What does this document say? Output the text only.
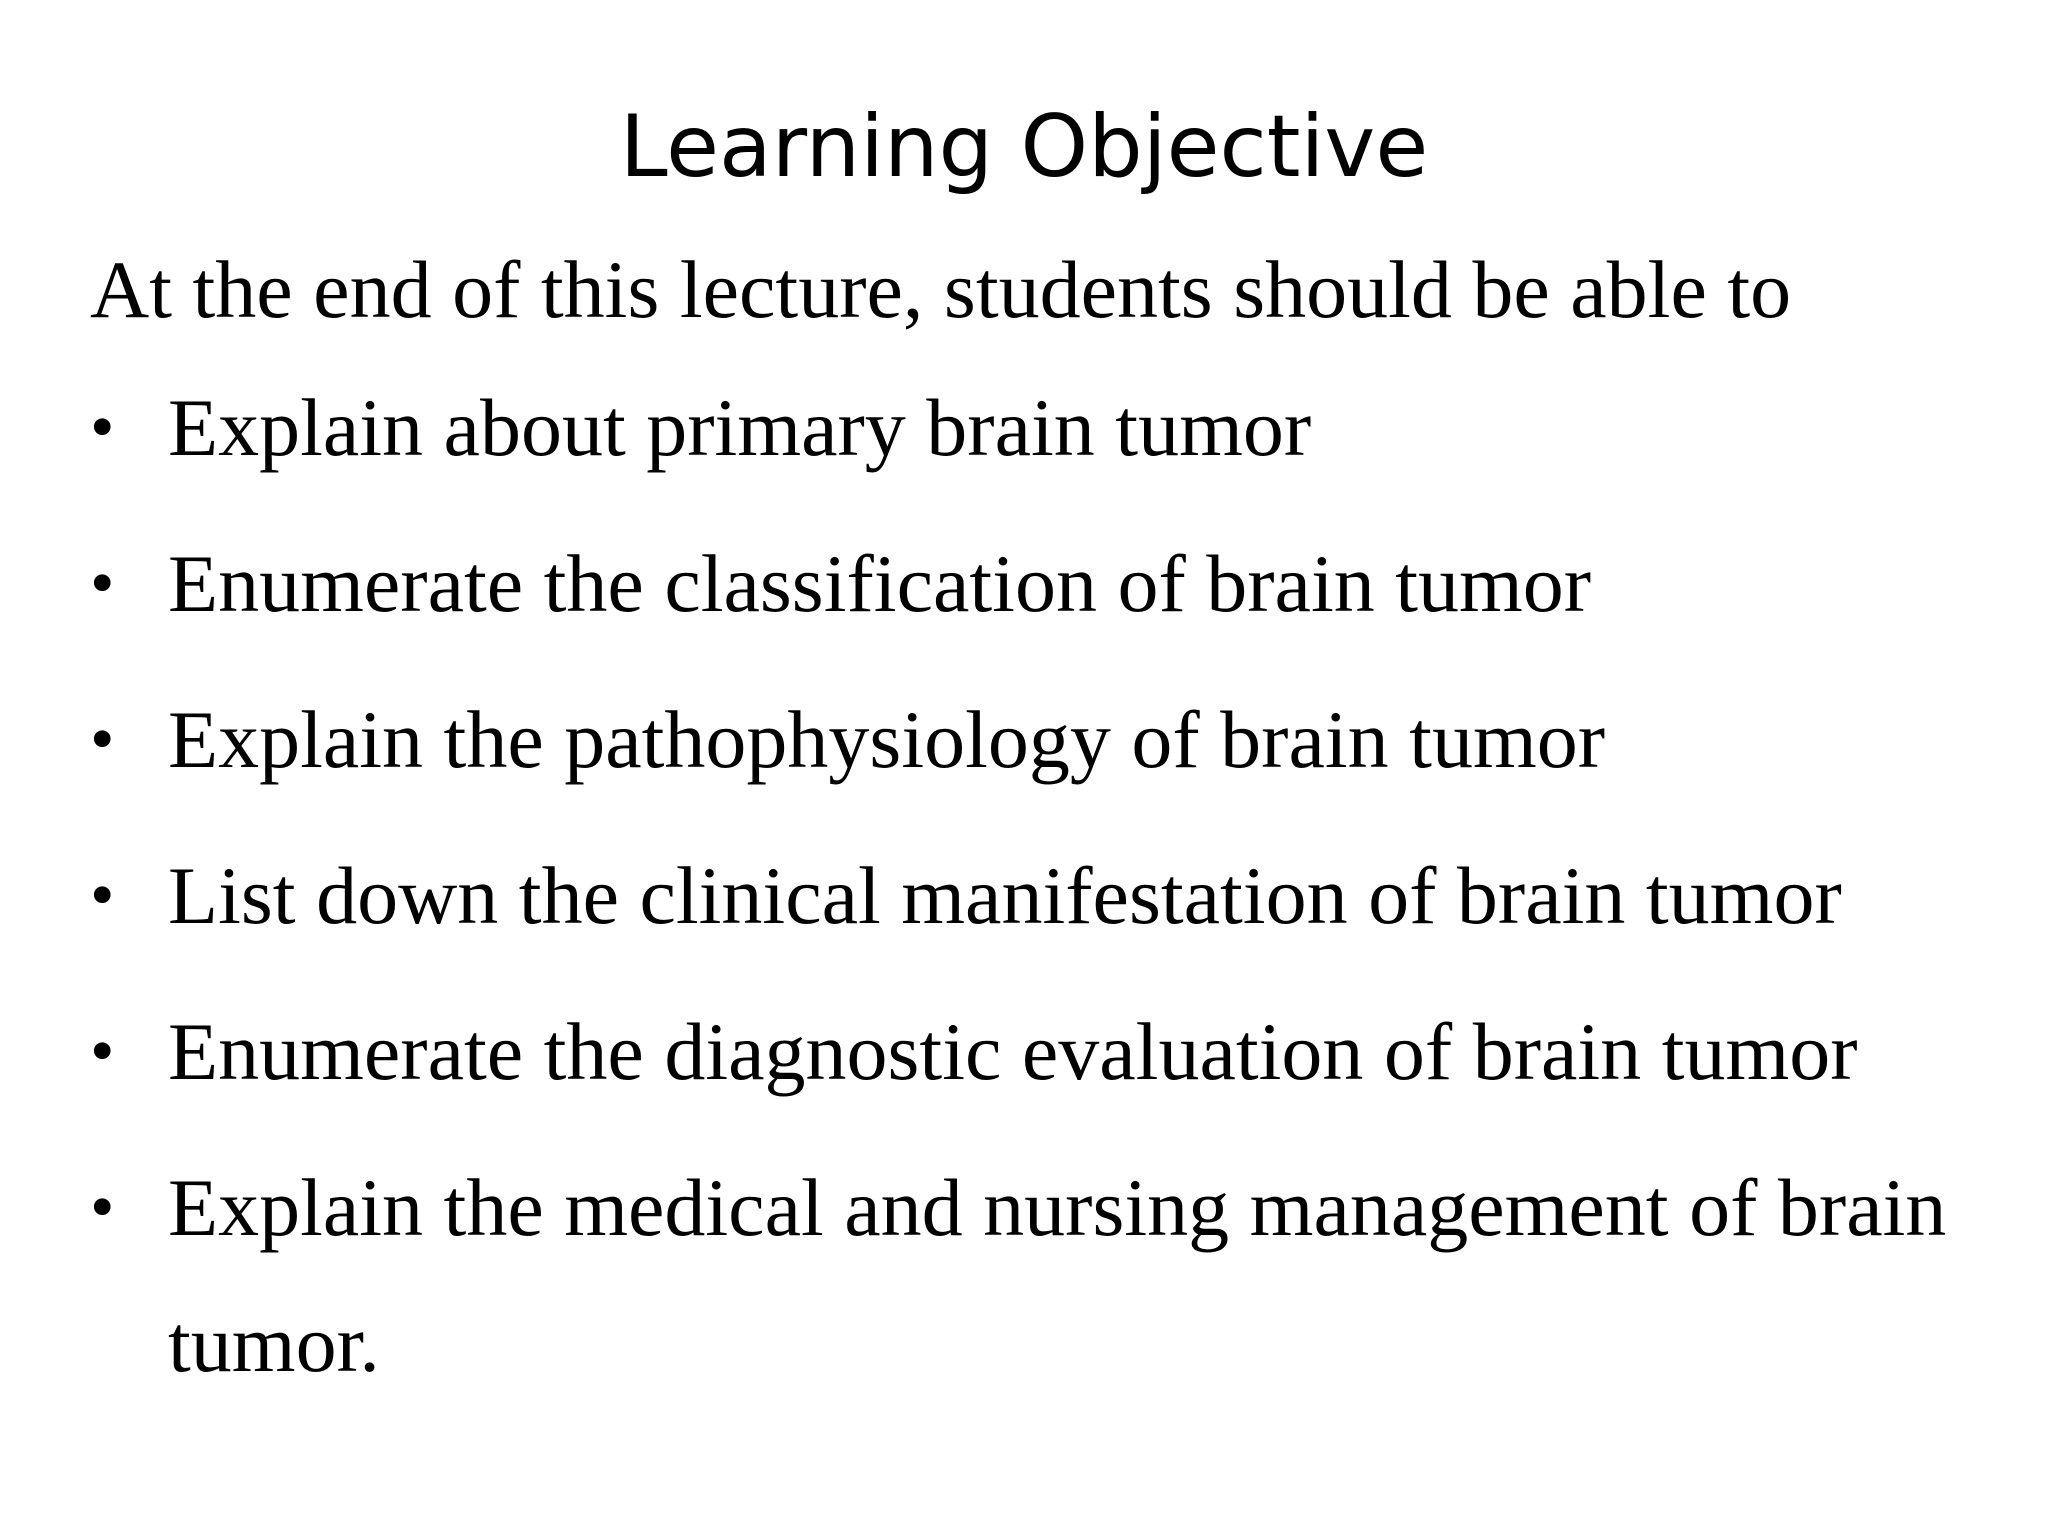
Learning Objective

At the end of this lecture, students should be able to

• Explain about primary brain tumor
• Enumerate the classification of brain tumor
• Explain the pathophysiology of brain tumor
• List down the clinical manifestation of brain tumor
• Enumerate the diagnostic evaluation of brain tumor
• Explain the medical and nursing management of brain tumor.
